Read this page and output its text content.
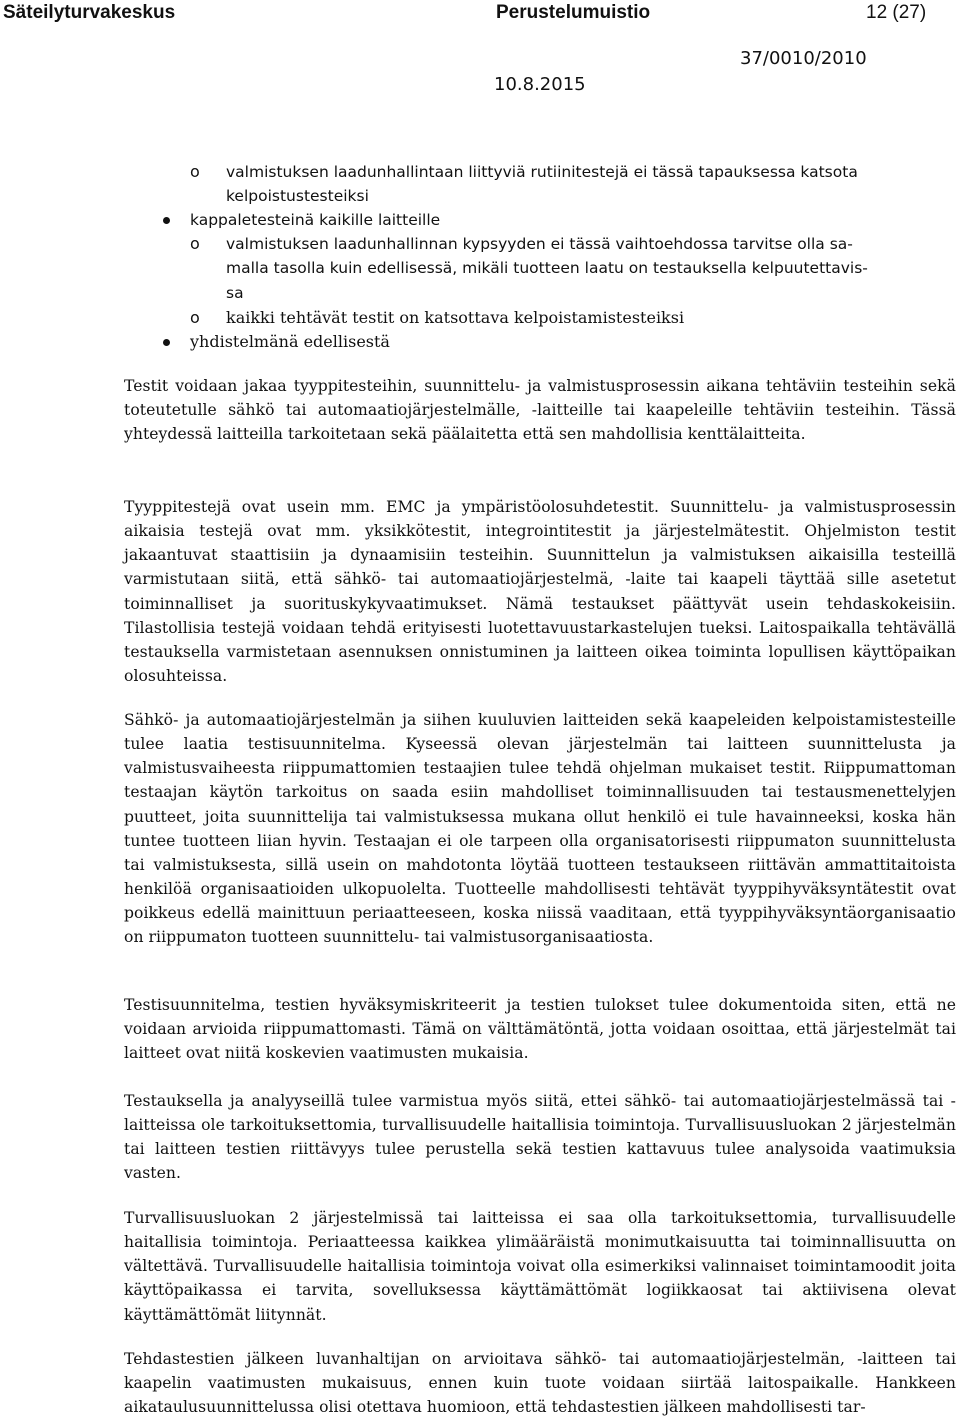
Säteilyturvakeskus	Perustelumuistio	12 (27)
37/0010/2010
10.8.2015
o valmistuksen laadunhallintaan liittyviä rutiinitestejä ei tässä tapauksessa katsota
kelpoistustesteiksi
kappaletesteinä kaikille laitteille
o valmistuksen laadunhallinnan kypsyyden ei tässä vaihtoehdossa tarvitse olla sa-
malla tasolla kuin edellisessä, mikäli tuotteen laatu on testauksella kelpuutettavis-
sa
o kaikki tehtävät testit on katsottava kelpoistamistesteiksi
yhdistelmänä edellisestä

Testit voidaan jakaa tyyppitesteihin, suunnittelu- ja valmistusprosessin aikana tehtäviin testeihin sekä toteutetulle sähkö tai automaatiojärjestelmälle, -laitteille tai kaapeleille tehtäviin testeihin. Tässä yhteydessä laitteilla tarkoitetaan sekä päälaitetta että sen mahdollisia kenttälaitteita.

Tyyppitestejä ovat usein mm. EMC ja ympäristöolosuhdetestit. Suunnittelu- ja valmistusprosessin aikaisia testejä ovat mm. yksikkötestit, integrointitestit ja järjestelmätestit. Ohjelmiston testit jakaantuvat staattisiin ja dynaamisiin testeihin. Suunnittelun ja valmistuksen aikaisilla testeillä varmistutaan siitä, että sähkö- tai automaatiojärjestelmä, -laite tai kaapeli täyttää sille asetetut toiminnalliset ja suorituskykyvaatimukset. Nämä testaukset päättyvät usein tehdaskokeisiin. Tilastollisia testejä voidaan tehdä erityisesti luotettavuustarkastelujen tueksi. Laitospaikalla tehtävällä testauksella varmistetaan asennuksen onnistuminen ja laitteen oikea toiminta lopullisen käyttöpaikan olosuhteissa.

Sähkö- ja automaatiojärjestelmän ja siihen kuuluvien laitteiden sekä kaapeleiden kelpoistamistesteille tulee laatia testisuunnitelma. Kyseessä olevan järjestelmän tai laitteen suunnittelusta ja valmistusvaiheesta riippumattomien testaajien tulee tehdä ohjelman mukaiset testit. Riippumattoman testaajan käytön tarkoitus on saada esiin mahdolliset toiminnallisuuden tai testausmenettelyjen puutteet, joita suunnittelija tai valmistuksessa mukana ollut henkilö ei tule havainneeksi, koska hän tuntee tuotteen liian hyvin. Testaajan ei ole tarpeen olla organisatorisesti riippumaton suunnittelusta tai valmistuksesta, sillä usein on mahdotonta löytää tuotteen testaukseen riittävän ammattitaitoista henkilöä organisaatioiden ulkopuolelta. Tuotteelle mahdollisesti tehtävät tyyppihyväksyntätestit ovat poikkeus edellä mainittuun periaatteeseen, koska niissä vaaditaan, että tyyppihyväksyntäorganisaatio on riippumaton tuotteen suunnittelu- tai valmistusorganisaatiosta.

Testisuunnitelma, testien hyväksymiskriteerit ja testien tulokset tulee dokumentoida siten, että ne voidaan arvioida riippumattomasti. Tämä on välttämätöntä, jotta voidaan osoittaa, että järjestelmät tai laitteet ovat niitä koskevien vaatimusten mukaisia.

Testauksella ja analyyseillä tulee varmistua myös siitä, ettei sähkö- tai automaatiojärjestelmässä tai -laitteissa ole tarkoituksettomia, turvallisuudelle haitallisia toimintoja. Turvallisuusluokan 2 järjestelmän tai laitteen testien riittävyys tulee perustella sekä testien kattavuus tulee analysoida vaatimuksia vasten.

Turvallisuusluokan 2 järjestelmissä tai laitteissa ei saa olla tarkoituksettomia, turvallisuudelle haitallisia toimintoja. Periaatteessa kaikkea ylimääräistä monimutkaisuutta tai toiminnallisuutta on vältettävä. Turvallisuudelle haitallisia toimintoja voivat olla esimerkiksi valinnaiset toimintamoodit joita käyttöpaikassa ei tarvita, sovelluksessa käyttämättömät logiikkaosat tai aktiivisena olevat käyttämättömät liitynnät.

Tehdastestien jälkeen luvanhaltijan on arvioitava sähkö- tai automaatiojärjestelmän, -laitteen tai kaapelin vaatimusten mukaisuus, ennen kuin tuote voidaan siirtää laitospaikalle. Hankkeen aikataulusuunnittelussa olisi otettava huomioon, että tehdastestien jälkeen mahdollisesti tar-
